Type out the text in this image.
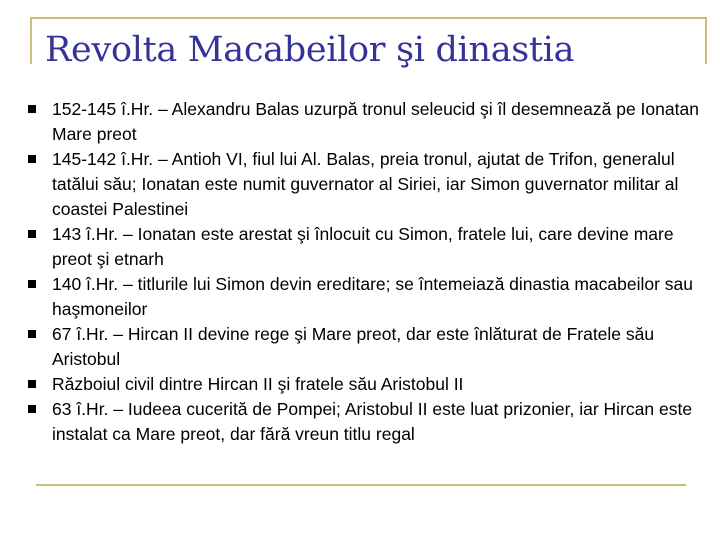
Revolta Macabeilor şi dinastia
152-145 î.Hr. – Alexandru Balas uzurpă tronul seleucid şi îl desemnează pe Ionatan Mare preot
145-142 î.Hr. – Antioh VI, fiul lui Al. Balas, preia tronul, ajutat de Trifon, generalul tatălui său; Ionatan este numit guvernator al Siriei, iar Simon guvernator militar al coastei Palestinei
143 î.Hr. – Ionatan este arestat şi înlocuit cu Simon, fratele lui, care devine mare preot şi etnarh
140 î.Hr. – titlurile lui Simon devin ereditare; se întemeiază dinastia macabeilor sau haşmoneilor
67 î.Hr. – Hircan II devine rege şi Mare preot, dar este înlăturat de Fratele său Aristobul
Războiul civil dintre Hircan II şi fratele său Aristobul II
63 î.Hr. – Iudeea cucerită de Pompei; Aristobul II este luat prizonier, iar Hircan este instalat ca Mare preot, dar fără vreun titlu regal
